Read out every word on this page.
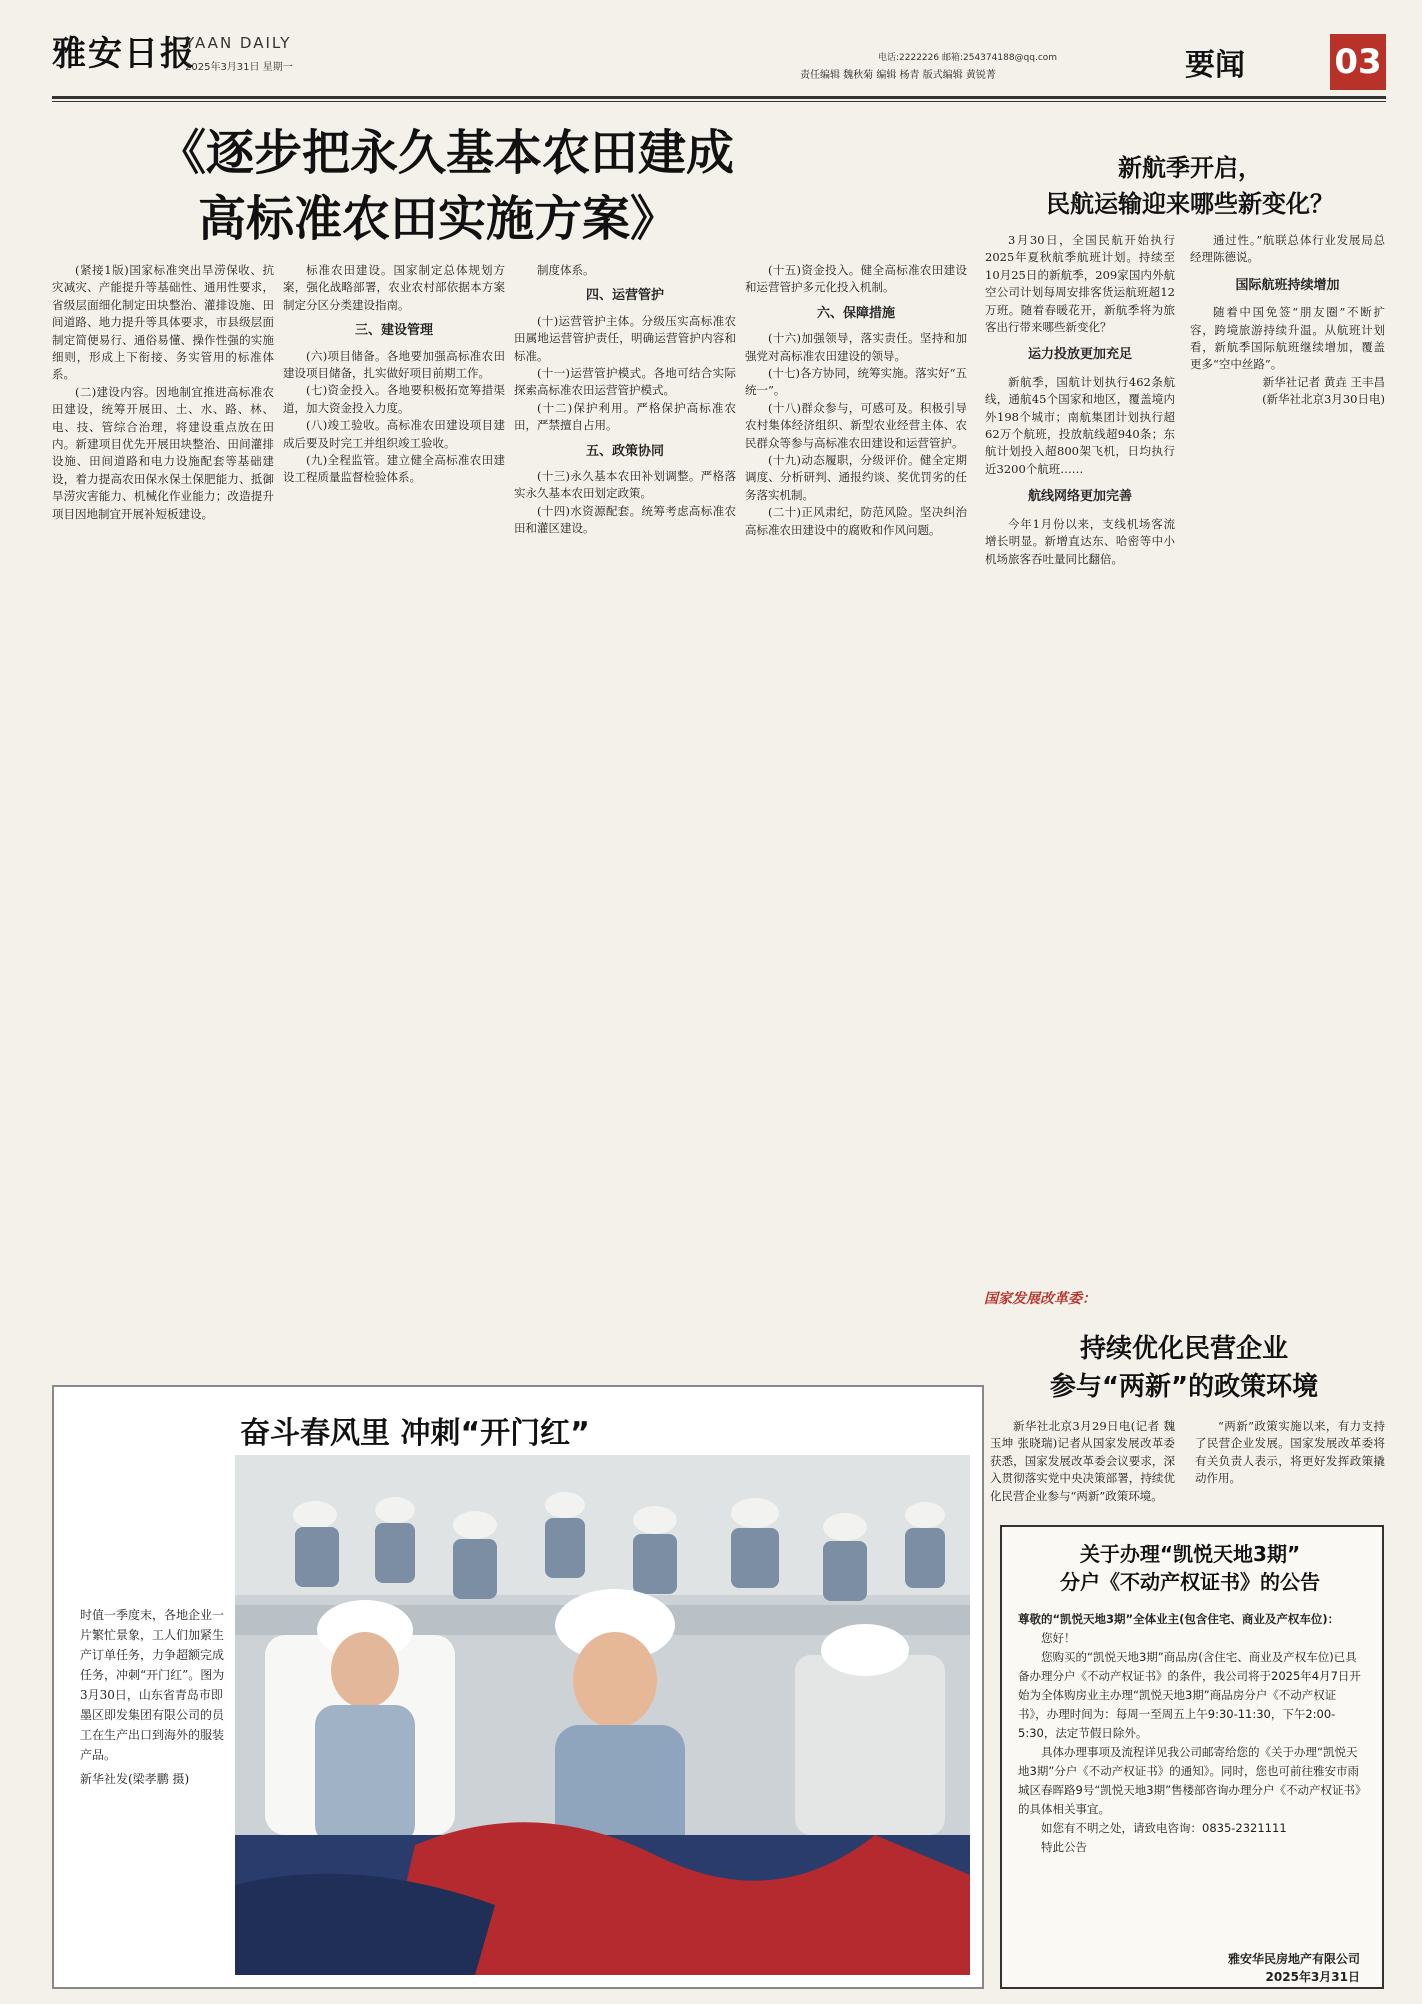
雅安日报
YAAN DAILY
2025年3月31日 星期一
电话:2222226 邮箱:254374188@qq.com
责任编辑 魏秋菊 编辑 杨青 版式编辑 黄锐菁	要闻	03
《逐步把永久基本农田建成
高标准农田实施方案》

(紧接1版)国家标准突出旱涝保收、抗灾减灾、产能提升等基础性、通用性要求，省级层面细化制定田块整治、灌排设施、田间道路、地力提升等具体要求，市县级层面制定简便易行、通俗易懂、操作性强的实施细则，形成上下衔接、务实管用的标准体系。

(二)建设内容。因地制宜推进高标准农田建设，统筹开展田、土、水、路、林、电、技、管综合治理，将建设重点放在田内。新建项目优先开展田块整治、田间灌排设施、田间道路和电力设施配套等基础建设，着力提高农田保水保土保肥能力、抵御旱涝灾害能力、机械化作业能力；改造提升项目因地制宜开展补短板建设。

标准农田建设。国家制定总体规划方案，强化战略部署，农业农村部依据本方案制定分区分类建设指南。

三、建设管理

(六)项目储备。各地要加强高标准农田建设项目储备，扎实做好项目前期工作。

(七)资金投入。各地要积极拓宽筹措渠道，加大资金投入力度。

(八)竣工验收。高标准农田建设项目建成后要及时完工并组织竣工验收。

(九)全程监管。建立健全高标准农田建设工程质量监督检验体系。

制度体系。

四、运营管护

(十)运营管护主体。分级压实高标准农田属地运营管护责任，明确运营管护内容和标准。

(十一)运营管护模式。各地可结合实际探索高标准农田运营管护模式。

(十二)保护利用。严格保护高标准农田，严禁擅自占用。

五、政策协同

(十三)永久基本农田补划调整。严格落实永久基本农田划定政策。

(十四)水资源配套。统筹考虑高标准农田和灌区建设。

(十五)资金投入。健全高标准农田建设和运营管护多元化投入机制。

六、保障措施

(十六)加强领导，落实责任。坚持和加强党对高标准农田建设的领导。

(十七)各方协同，统筹实施。落实好“五统一”。

(十八)群众参与，可感可及。积极引导农村集体经济组织、新型农业经营主体、农民群众等参与高标准农田建设和运营管护。

(十九)动态履职，分级评价。健全定期调度、分析研判、通报约谈、奖优罚劣的任务落实机制。

(二十)正风肃纪，防范风险。坚决纠治高标准农田建设中的腐败和作风问题。

新航季开启，
民航运输迎来哪些新变化？

3月30日，全国民航开始执行2025年夏秋航季航班计划。持续至10月25日的新航季，209家国内外航空公司计划每周安排客货运航班超12万班。随着春暖花开，新航季将为旅客出行带来哪些新变化？

运力投放更加充足

新航季，国航计划执行462条航线，通航45个国家和地区，覆盖境内外198个城市；南航集团计划执行超62万个航班，投放航线超940条；东航计划投入超800架飞机，日均执行近3200个航班……

航线网络更加完善

今年1月份以来，支线机场客流增长明显。新增直达东、哈密等中小机场旅客吞吐量同比翻倍。

通过性。”航联总体行业发展局总经理陈德说。

国际航班持续增加

随着中国免签“朋友圈”不断扩容，跨境旅游持续升温。从航班计划看，新航季国际航班继续增加，覆盖更多“空中丝路”。

新华社记者 黄垚 王丰昌
(新华社北京3月30日电)

奋斗春风里 冲刺“开门红”
时值一季度末，各地企业一片繁忙景象，工人们加紧生产订单任务，力争超额完成任务，冲刺“开门红”。图为3月30日，山东省青岛市即墨区即发集团有限公司的员工在生产出口到海外的服装产品。
新华社发(梁孝鹏 摄)
国家发展改革委：
持续优化民营企业
参与“两新”的政策环境

新华社北京3月29日电(记者 魏玉坤 张晓瑞)记者从国家发展改革委获悉，国家发展改革委会议要求，深入贯彻落实党中央决策部署，持续优化民营企业参与“两新”政策环境。

“两新”政策实施以来，有力支持了民营企业发展。国家发展改革委将有关负责人表示，将更好发挥政策撬动作用。

关于办理“凯悦天地3期”
分户《不动产权证书》的公告

尊敬的“凯悦天地3期”全体业主(包含住宅、商业及产权车位)：

您好！

您购买的“凯悦天地3期”商品房(含住宅、商业及产权车位)已具备办理分户《不动产权证书》的条件，我公司将于2025年4月7日开始为全体购房业主办理“凯悦天地3期”商品房分户《不动产权证书》，办理时间为：每周一至周五上午9:30-11:30，下午2:00-5:30，法定节假日除外。

具体办理事项及流程详见我公司邮寄给您的《关于办理“凯悦天地3期”分户《不动产权证书》的通知》。同时，您也可前往雅安市雨城区春晖路9号“凯悦天地3期”售楼部咨询办理分户《不动产权证书》的具体相关事宜。

如您有不明之处，请致电咨询：0835-2321111

特此公告

雅安华民房地产有限公司
2025年3月31日
